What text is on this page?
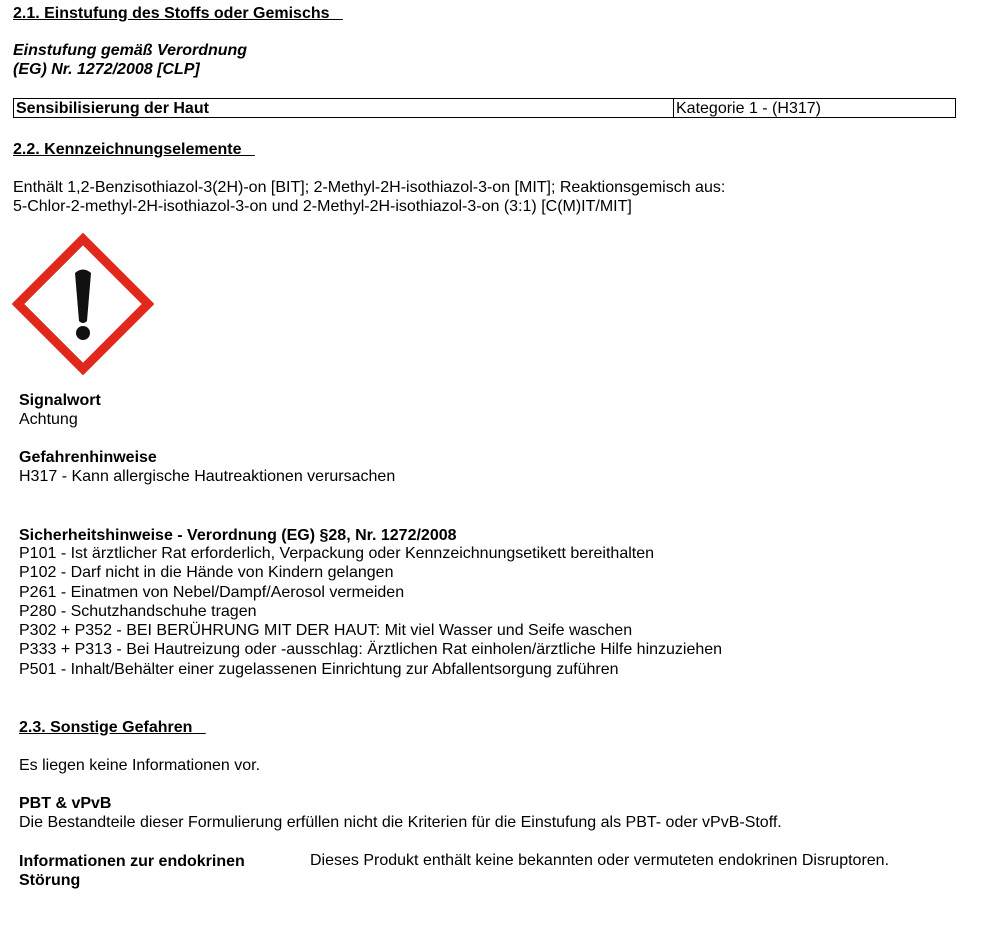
2.1. Einstufung des Stoffs oder Gemischs
Einstufung gemäß Verordnung
(EG) Nr. 1272/2008 [CLP]
Sensibilisierung der Haut	Kategorie 1 - (H317)
2.2. Kennzeichnungselemente
Enthält 1,2-Benzisothiazol-3(2H)-on [BIT]; 2-Methyl-2H-isothiazol-3-on [MIT]; Reaktionsgemisch aus:
5-Chlor-2-methyl-2H-isothiazol-3-on und 2-Methyl-2H-isothiazol-3-on (3:1) [C(M)IT/MIT]
Signalwort
Achtung
Gefahrenhinweise
H317 - Kann allergische Hautreaktionen verursachen
Sicherheitshinweise - Verordnung (EG) §28, Nr. 1272/2008
P101 - Ist ärztlicher Rat erforderlich, Verpackung oder Kennzeichnungsetikett bereithalten
P102 - Darf nicht in die Hände von Kindern gelangen
P261 - Einatmen von Nebel/Dampf/Aerosol vermeiden
P280 - Schutzhandschuhe tragen
P302 + P352 - BEI BERÜHRUNG MIT DER HAUT: Mit viel Wasser und Seife waschen
P333 + P313 - Bei Hautreizung oder -ausschlag: Ärztlichen Rat einholen/ärztliche Hilfe hinzuziehen
P501 - Inhalt/Behälter einer zugelassenen Einrichtung zur Abfallentsorgung zuführen
2.3. Sonstige Gefahren
Es liegen keine Informationen vor.
PBT & vPvB
Die Bestandteile dieser Formulierung erfüllen nicht die Kriterien für die Einstufung als PBT- oder vPvB-Stoff.
Informationen zur endokrinen
Störung
Dieses Produkt enthält keine bekannten oder vermuteten endokrinen Disruptoren.
